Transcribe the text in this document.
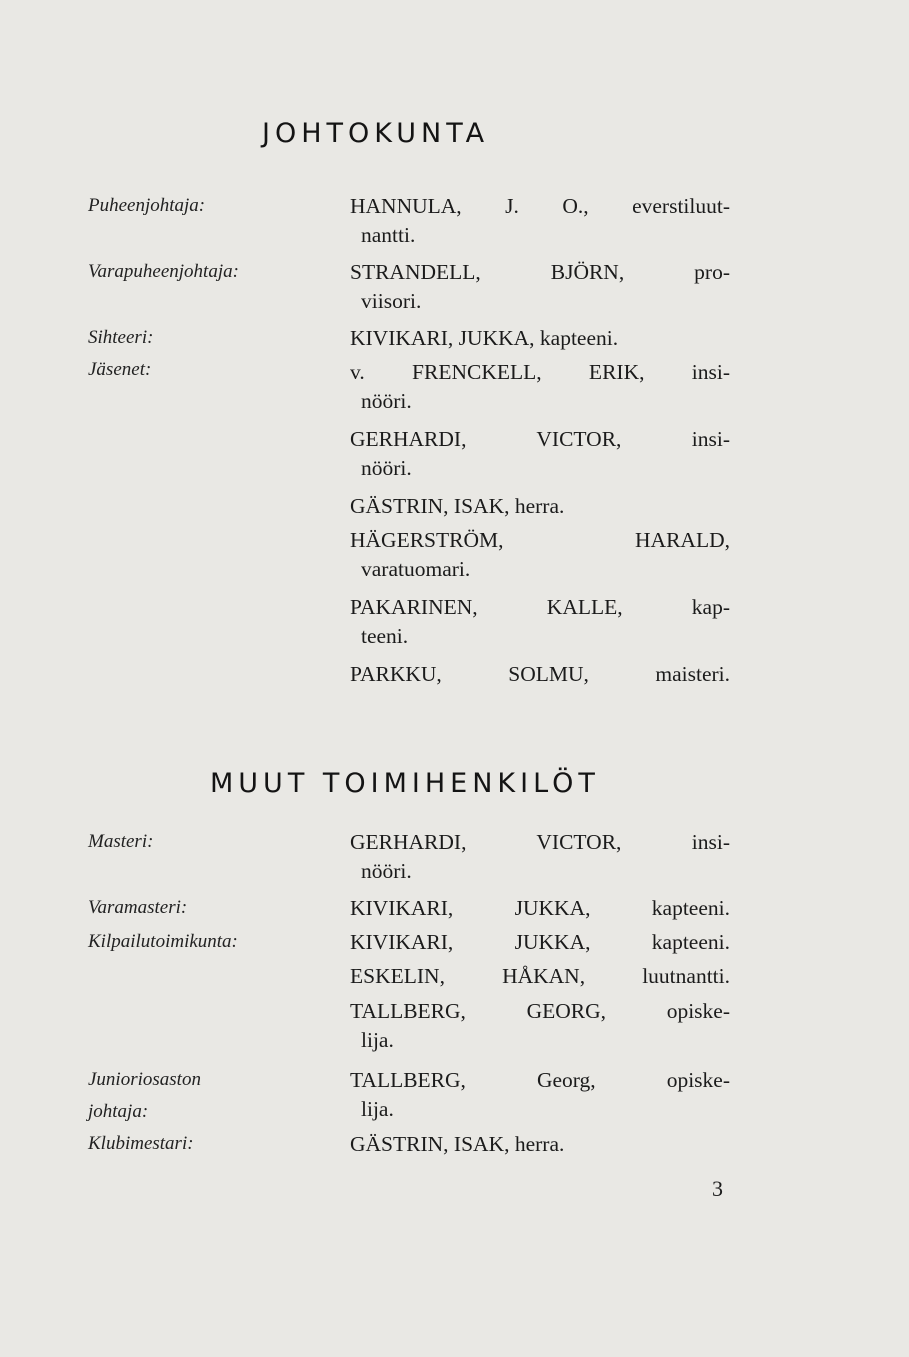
JOHTOKUNTA
Puheenjohtaja:
Varapuheenjohtaja:
Sihteeri:
Jäsenet:
HANNULA, J. O., everstiluut-
nantti.
STRANDELL, BJÖRN, pro-
viisori.
KIVIKARI, JUKKA, kapteeni.
v. FRENCKELL, ERIK, insi-
nööri.
GERHARDI, VICTOR, insi-
nööri.
GÄSTRIN, ISAK, herra.
HÄGERSTRÖM, HARALD,
varatuomari.
PAKARINEN, KALLE, kap-
teeni.
PARKKU, SOLMU, maisteri.
MUUT TOIMIHENKILÖT
Masteri:
Varamasteri:
Kilpailutoimikunta:
Junioriosaston
johtaja:
Klubimestari:
GERHARDI, VICTOR, insi-
nööri.
KIVIKARI, JUKKA, kapteeni.
KIVIKARI, JUKKA, kapteeni.
ESKELIN, HÅKAN, luutnantti.
TALLBERG, GEORG, opiske-
lija.
TALLBERG, Georg, opiske-
lija.
GÄSTRIN, ISAK, herra.
3
